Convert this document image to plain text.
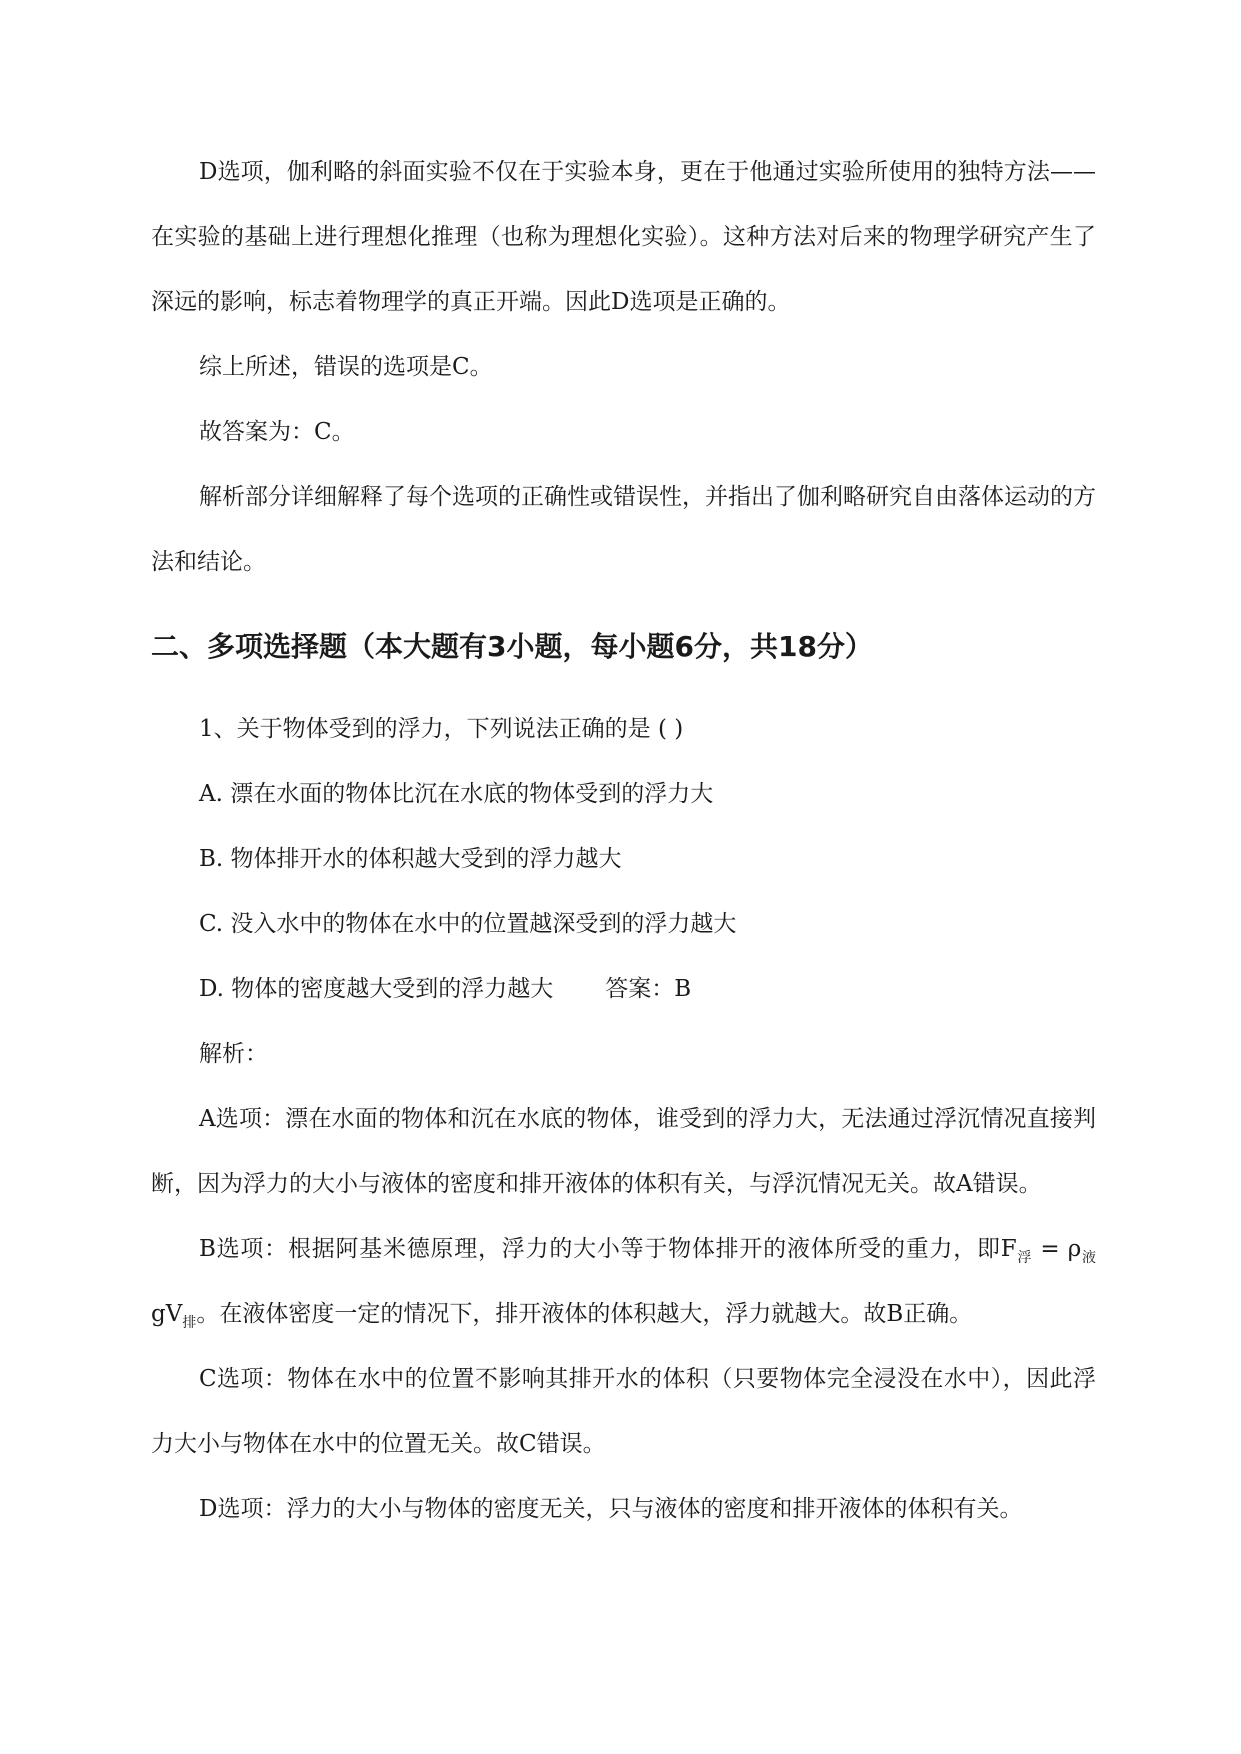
D选项，伽利略的斜面实验不仅在于实验本身，更在于他通过实验所使用的独特方法——在实验的基础上进行理想化推理（也称为理想化实验）。这种方法对后来的物理学研究产生了深远的影响，标志着物理学的真正开端。因此D选项是正确的。

综上所述，错误的选项是C。

故答案为：C。

解析部分详细解释了每个选项的正确性或错误性，并指出了伽利略研究自由落体运动的方法和结论。

二、多项选择题（本大题有3小题，每小题6分，共18分）

1、关于物体受到的浮力，下列说法正确的是 ( )

A. 漂在水面的物体比沉在水底的物体受到的浮力大

B. 物体排开水的体积越大受到的浮力越大

C. 没入水中的物体在水中的位置越深受到的浮力越大

D. 物体的密度越大受到的浮力越大 答案：B

解析：

A选项：漂在水面的物体和沉在水底的物体，谁受到的浮力大，无法通过浮沉情况直接判断，因为浮力的大小与液体的密度和排开液体的体积有关，与浮沉情况无关。故A错误。

B选项：根据阿基米德原理，浮力的大小等于物体排开的液体所受的重力，即$F_浮 = \rho_液gV_排$。在液体密度一定的情况下，排开液体的体积越大，浮力就越大。故B正确。

C选项：物体在水中的位置不影响其排开水的体积（只要物体完全浸没在水中），因此浮力大小与物体在水中的位置无关。故C错误。

D选项：浮力的大小与物体的密度无关，只与液体的密度和排开液体的体积有关。
